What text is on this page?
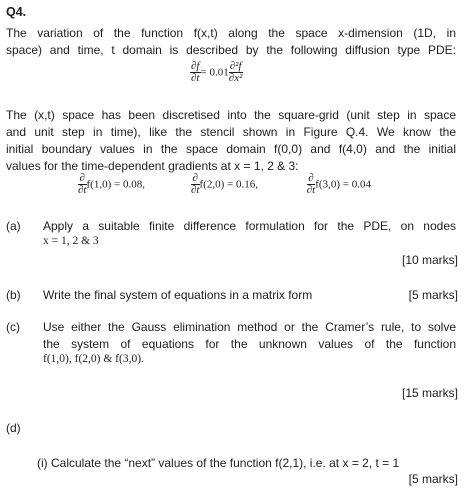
Q4.
The variation of the function f(x,t) along the space x-dimension (1D, in
space) and time, t domain is described by the following diffusion type PDE:
$\frac{\partial f}{\partial t} = 0.01 \frac{\text{∂²f}}{\text{∂x²}}$
The (x,t) space has been discretised into the square-grid (unit step in space
and unit step in time), like the stencil shown in Figure Q.4. We know the
initial boundary values in the space domain f(0,0) and f(4,0) and the initial
values for the time-dependent gradients at x = 1, 2 & 3:
$\frac{\partial}{\partial t} f(1,0) = 0.08$,	$\frac{\partial}{\partial t} f(2,0) = 0.16$,	$\frac{\partial}{\partial t} f(3,0) = 0.04$
(a) Apply a suitable finite difference formulation for the PDE, on nodes
x = 1, 2 & 3
[10 marks]
(b) Write the final system of equations in a matrix form	[5 marks]
(c) Use either the Gauss elimination method or the Cramer’s rule, to solve
the system of equations for the unknown values of the function
f(1,0), f(2,0) & f(3,0).
[15 marks]
(d)
(i) Calculate the “next” values of the function f(2,1), i.e. at x = 2, t = 1
[5 marks]
